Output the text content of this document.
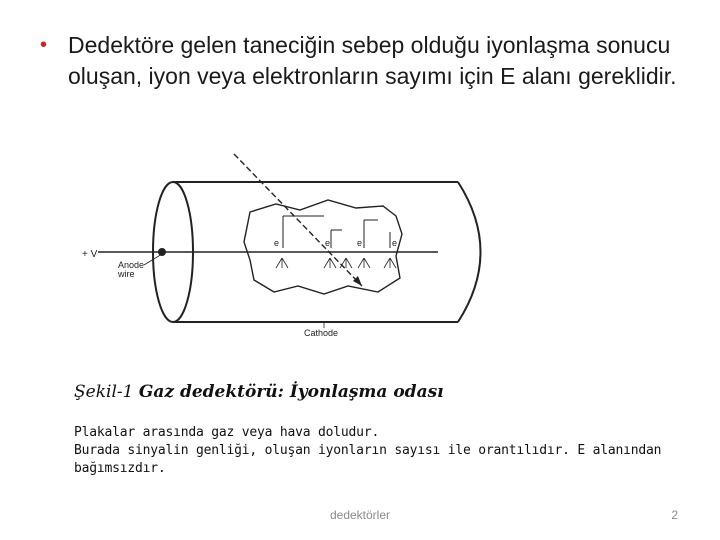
• Dedektöre gelen taneciğin sebep olduğu iyonlaşma sonucu oluşan, iyon veya elektronların sayımı için E alanı gereklidir.
e	e	e	e
+ V
Anode
wire
Cathode
Şekil-1 Gaz dedektörü: İyonlaşma odası
Plakalar arasında gaz veya hava doludur.
Burada sinyalin genliği, oluşan iyonların sayısı ile orantılıdır. E alanından
bağımsızdır.
dedektörler	2
